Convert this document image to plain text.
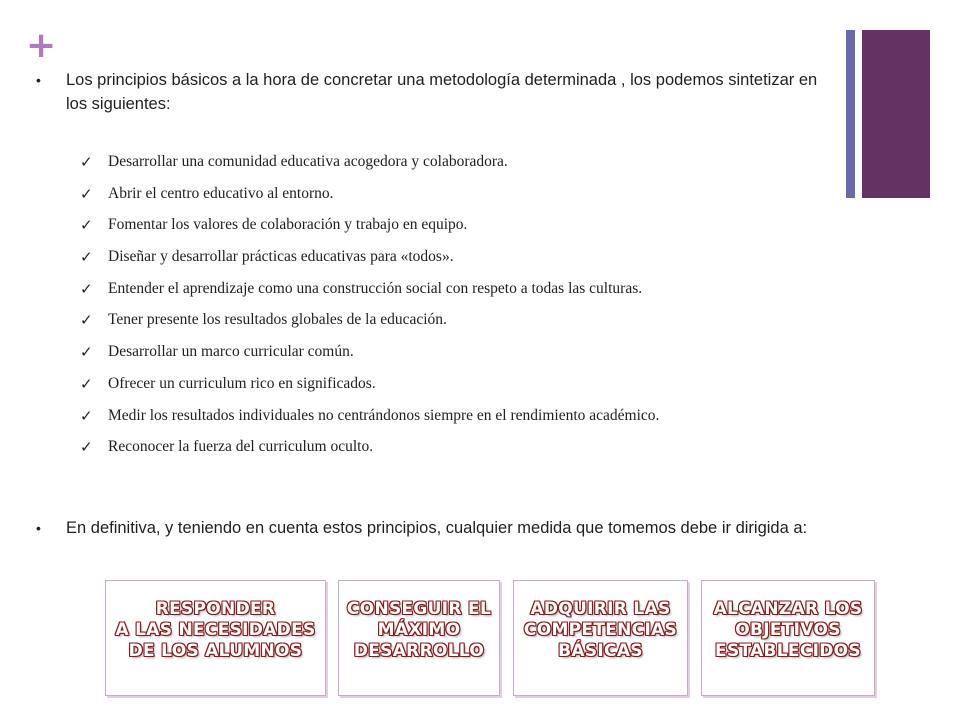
+
• Los principios básicos a la hora de concretar una metodología determinada , los podemos sintetizar en los siguientes:
✓ Desarrollar una comunidad educativa acogedora y colaboradora.
✓ Abrir el centro educativo al entorno.
✓ Fomentar los valores de colaboración y trabajo en equipo.
✓ Diseñar y desarrollar prácticas educativas para «todos».
✓ Entender el aprendizaje como una construcción social con respeto a todas las culturas.
✓ Tener presente los resultados globales de la educación.
✓ Desarrollar un marco curricular común.
✓ Ofrecer un curriculum rico en significados.
✓ Medir los resultados individuales no centrándonos siempre en el rendimiento académico.
✓ Reconocer la fuerza del curriculum oculto.
• En definitiva, y teniendo en cuenta estos principios, cualquier medida que tomemos debe ir dirigida a:
RESPONDER
A LAS NECESIDADES
DE LOS ALUMNOS
CONSEGUIR EL
MÁXIMO
DESARROLLO
ADQUIRIR LAS
COMPETENCIAS
BÁSICAS
ALCANZAR LOS
OBJETIVOS
ESTABLECIDOS
